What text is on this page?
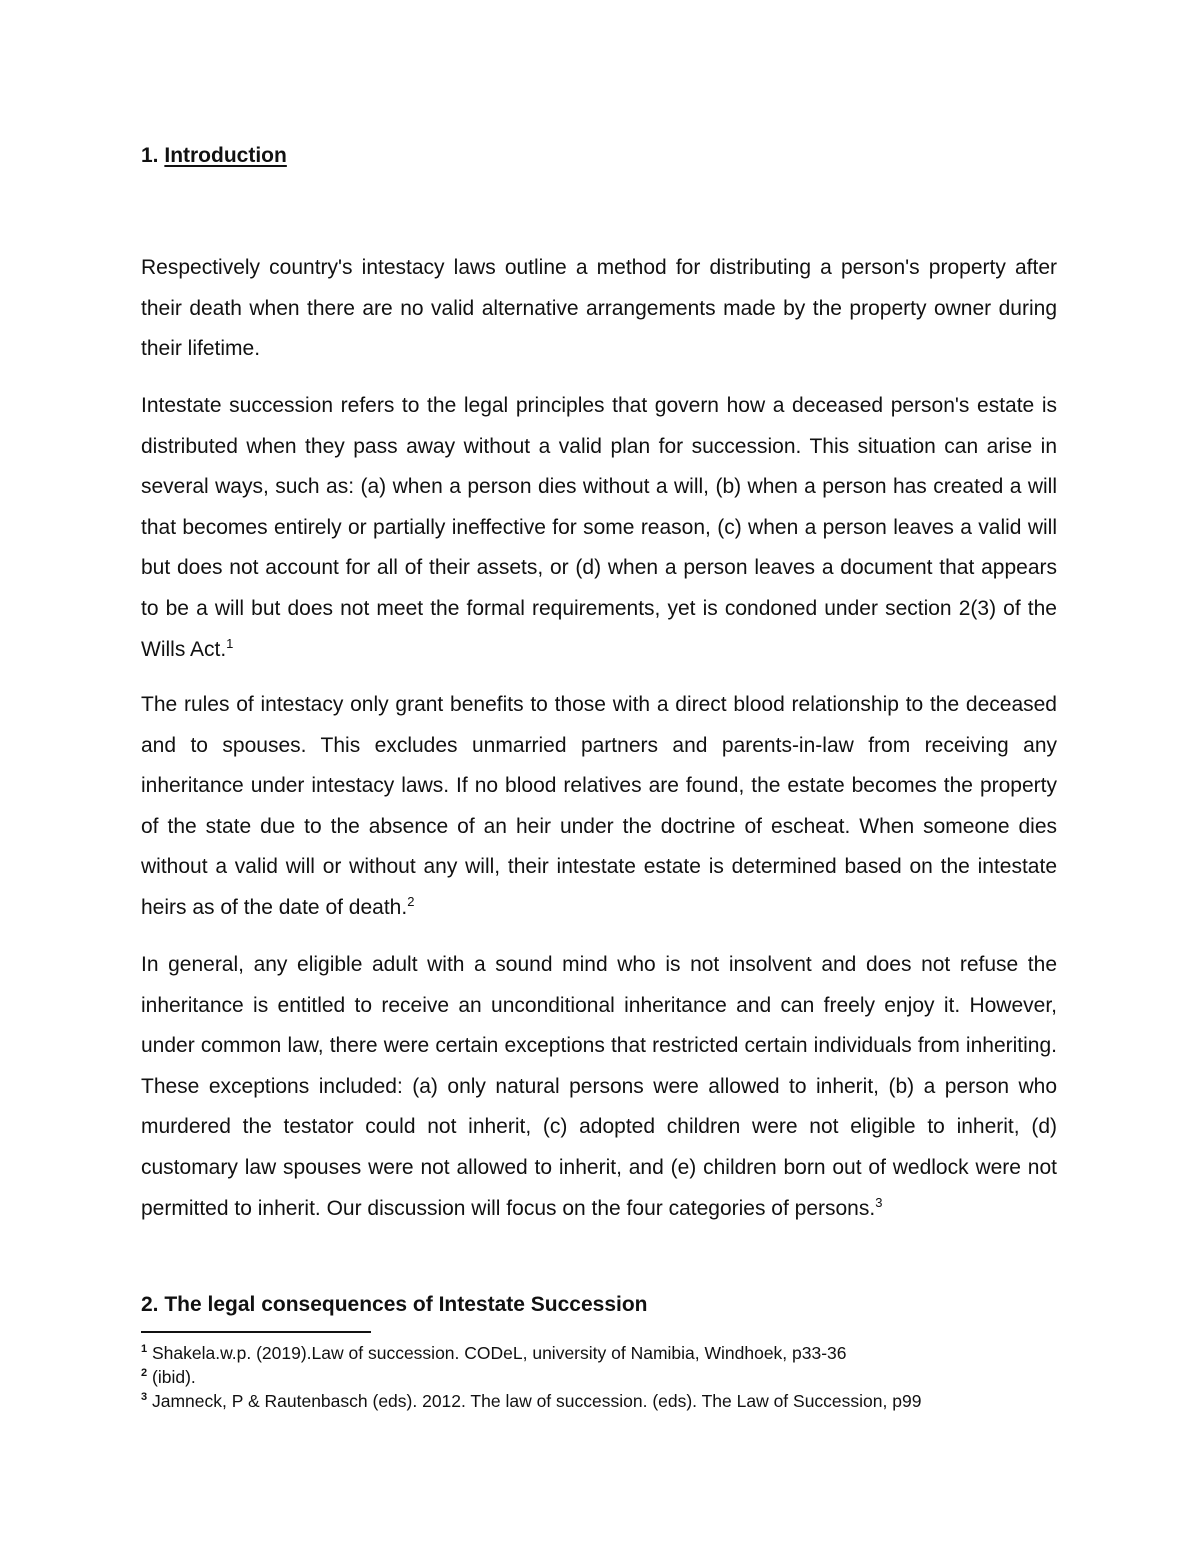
1. Introduction

Respectively country's intestacy laws outline a method for distributing a person's property after their death when there are no valid alternative arrangements made by the property owner during their lifetime.

Intestate succession refers to the legal principles that govern how a deceased person's estate is distributed when they pass away without a valid plan for succession. This situation can arise in several ways, such as: (a) when a person dies without a will, (b) when a person has created a will that becomes entirely or partially ineffective for some reason, (c) when a person leaves a valid will but does not account for all of their assets, or (d) when a person leaves a document that appears to be a will but does not meet the formal requirements, yet is condoned under section 2(3) of the Wills Act.$^1$

The rules of intestacy only grant benefits to those with a direct blood relationship to the deceased and to spouses. This excludes unmarried partners and parents-in-law from receiving any inheritance under intestacy laws. If no blood relatives are found, the estate becomes the property of the state due to the absence of an heir under the doctrine of escheat. When someone dies without a valid will or without any will, their intestate estate is determined based on the intestate heirs as of the date of death.$^2$

In general, any eligible adult with a sound mind who is not insolvent and does not refuse the inheritance is entitled to receive an unconditional inheritance and can freely enjoy it. However, under common law, there were certain exceptions that restricted certain individuals from inheriting. These exceptions included: (a) only natural persons were allowed to inherit, (b) a person who murdered the testator could not inherit, (c) adopted children were not eligible to inherit, (d) customary law spouses were not allowed to inherit, and (e) children born out of wedlock were not permitted to inherit. Our discussion will focus on the four categories of persons.$^3$

2. The legal consequences of Intestate Succession
$^1$ Shakela.w.p. (2019).Law of succession. CODeL, university of Namibia, Windhoek, p33-36
$^2$ (ibid).
$^3$ Jamneck, P & Rautenbasch (eds). 2012. The law of succession. (eds). The Law of Succession, p99
